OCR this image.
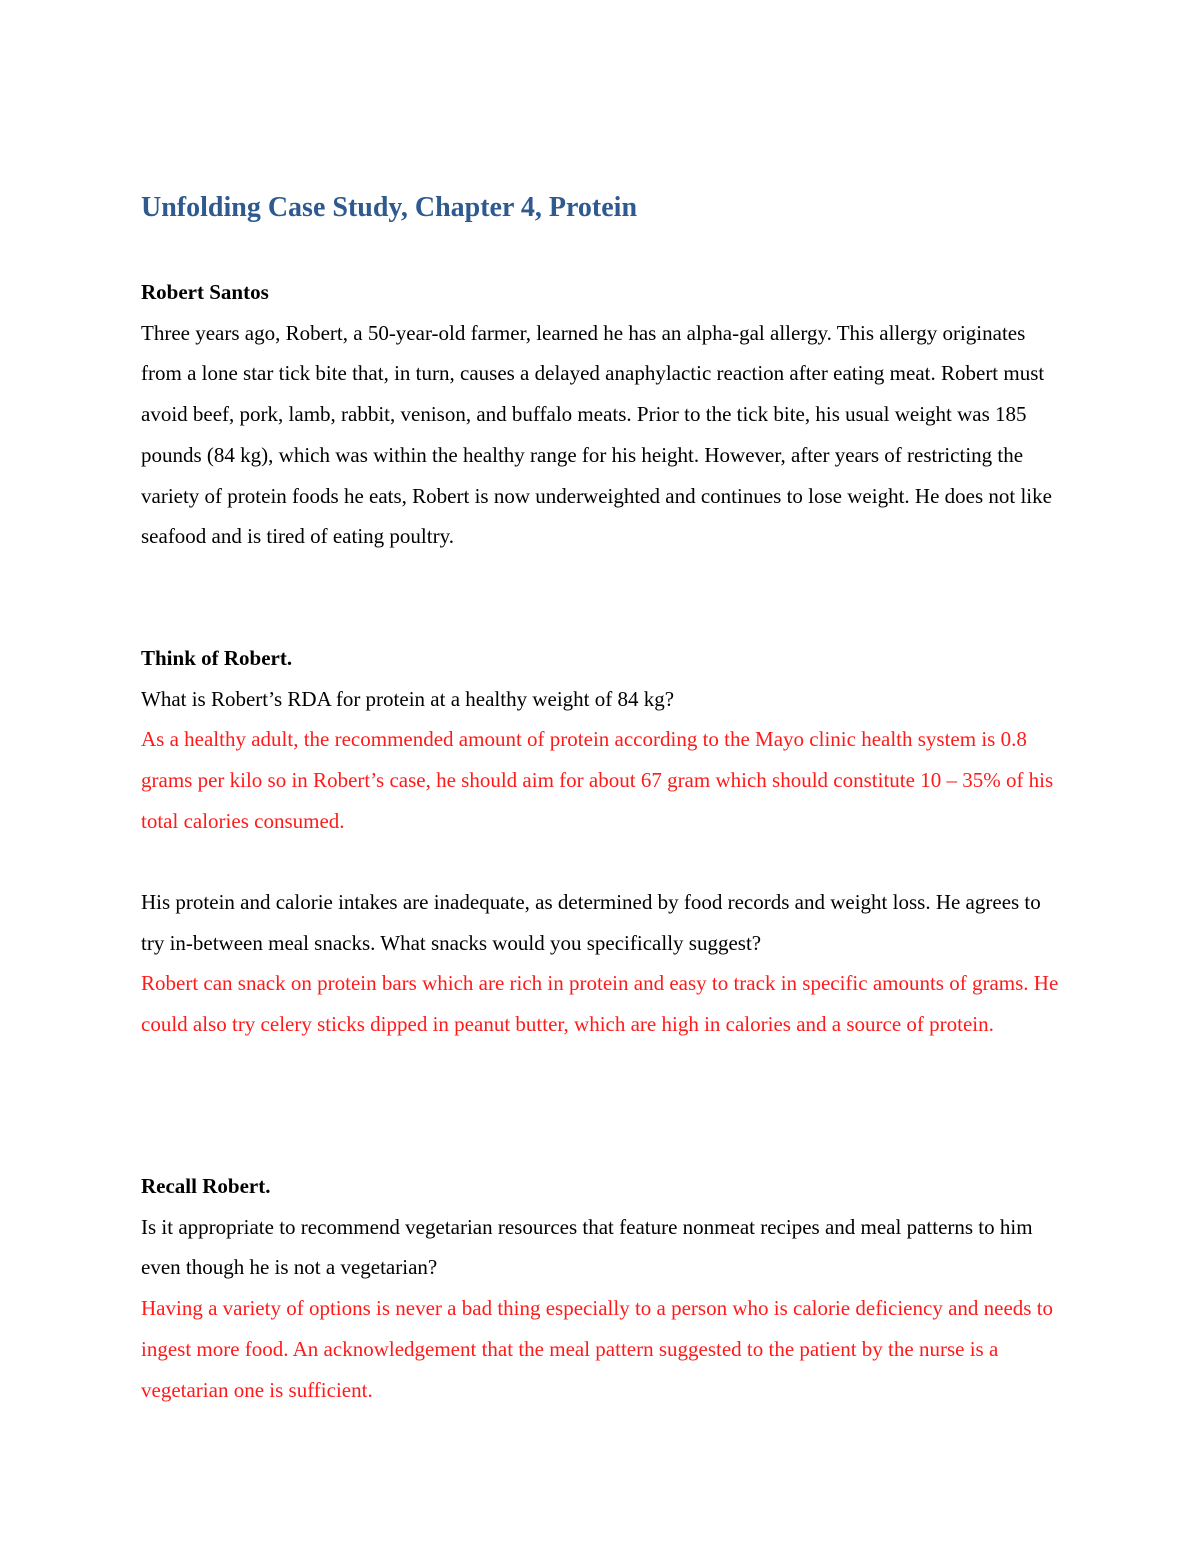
Unfolding Case Study, Chapter 4, Protein

Robert Santos

Three years ago, Robert, a 50-year-old farmer, learned he has an alpha-gal allergy. This allergy originates from a lone star tick bite that, in turn, causes a delayed anaphylactic reaction after eating meat. Robert must avoid beef, pork, lamb, rabbit, venison, and buffalo meats. Prior to the tick bite, his usual weight was 185 pounds (84 kg), which was within the healthy range for his height. However, after years of restricting the variety of protein foods he eats, Robert is now underweighted and continues to lose weight. He does not like seafood and is tired of eating poultry.

Think of Robert.

What is Robert’s RDA for protein at a healthy weight of 84 kg?

As a healthy adult, the recommended amount of protein according to the Mayo clinic health system is 0.8 grams per kilo so in Robert’s case, he should aim for about 67 gram which should constitute 10 – 35% of his total calories consumed.

His protein and calorie intakes are inadequate, as determined by food records and weight loss. He agrees to try in-between meal snacks. What snacks would you specifically suggest?

Robert can snack on protein bars which are rich in protein and easy to track in specific amounts of grams. He could also try celery sticks dipped in peanut butter, which are high in calories and a source of protein.

Recall Robert.

Is it appropriate to recommend vegetarian resources that feature nonmeat recipes and meal patterns to him even though he is not a vegetarian?

Having a variety of options is never a bad thing especially to a person who is calorie deficiency and needs to ingest more food. An acknowledgement that the meal pattern suggested to the patient by the nurse is a vegetarian one is sufficient.
